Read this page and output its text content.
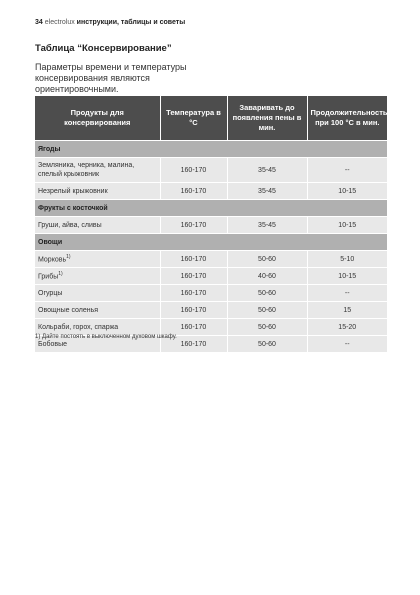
34 electrolux инструкции, таблицы и советы
Таблица “Консервирование”
Параметры времени и температуры консервирования являются ориентировочными.
Продукты для консервирования	Температура в °C	Заваривать до появления пены в мин.	Продолжительность при 100 °C в мин.
Ягоды			
Земляника, черника, малина, спелый крыжовник	160-170	35-45	--
Незрелый крыжовник	160-170	35-45	10-15
Фрукты с косточкой			
Груши, айва, сливы	160-170	35-45	10-15
Овощи			
Морковь$^{1)}$	160-170	50-60	5-10
Грибы$^{1)}$	160-170	40-60	10-15
Огурцы	160-170	50-60	--
Овощные соленья	160-170	50-60	15
Кольраби, горох, спаржа	160-170	50-60	15-20
Бобовые	160-170	50-60	--
1) Дайте постоять в выключенном духовом шкафу.
